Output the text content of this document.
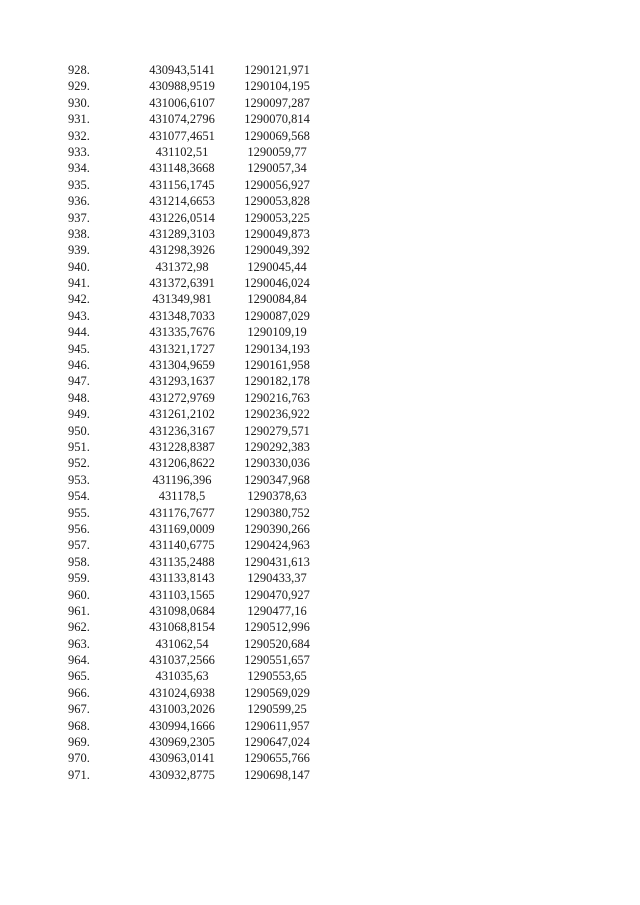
928.	430943,5141	1290121,971
929.	430988,9519	1290104,195
930.	431006,6107	1290097,287
931.	431074,2796	1290070,814
932.	431077,4651	1290069,568
933.	431102,51	1290059,77
934.	431148,3668	1290057,34
935.	431156,1745	1290056,927
936.	431214,6653	1290053,828
937.	431226,0514	1290053,225
938.	431289,3103	1290049,873
939.	431298,3926	1290049,392
940.	431372,98	1290045,44
941.	431372,6391	1290046,024
942.	431349,981	1290084,84
943.	431348,7033	1290087,029
944.	431335,7676	1290109,19
945.	431321,1727	1290134,193
946.	431304,9659	1290161,958
947.	431293,1637	1290182,178
948.	431272,9769	1290216,763
949.	431261,2102	1290236,922
950.	431236,3167	1290279,571
951.	431228,8387	1290292,383
952.	431206,8622	1290330,036
953.	431196,396	1290347,968
954.	431178,5	1290378,63
955.	431176,7677	1290380,752
956.	431169,0009	1290390,266
957.	431140,6775	1290424,963
958.	431135,2488	1290431,613
959.	431133,8143	1290433,37
960.	431103,1565	1290470,927
961.	431098,0684	1290477,16
962.	431068,8154	1290512,996
963.	431062,54	1290520,684
964.	431037,2566	1290551,657
965.	431035,63	1290553,65
966.	431024,6938	1290569,029
967.	431003,2026	1290599,25
968.	430994,1666	1290611,957
969.	430969,2305	1290647,024
970.	430963,0141	1290655,766
971.	430932,8775	1290698,147
